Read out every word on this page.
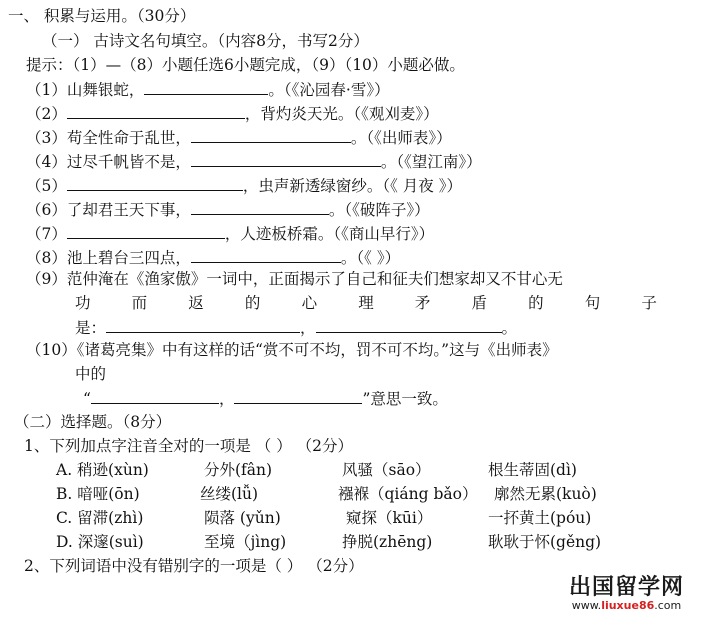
一、 积累与运用。（30分）
（一） 古诗文名句填空。（内容8分，书写2分）
提示：（1）—（8）小题任选6小题完成，（9）（10）小题必做。
（1）山舞银蛇，	。（《沁园春·雪》）
（2）	，背灼炎天光。（《观刈麦》）
（3）苟全性命于乱世，	。（《出师表》）
（4）过尽千帆皆不是，	。（《望江南》）
（5）	，虫声新透绿窗纱。（《 月夜 》）
（6）了却君王天下事，	。（《破阵子》）
（7）	，人迹板桥霜。（《商山早行》）
（8）池上碧台三四点，	。（《 》）
（9）范仲淹在《渔家傲》一词中，正面揭示了自己和征夫们想家却又不甘心无
功	而	返	的	心	理	矛	盾	的	句	子
是：	，	。
（10）《诸葛亮集》中有这样的话“赏不可不均，罚不可不均。”这与《出师表》
中的
“	，	”意思一致。
（二）选择题。（8分）
1、下列加点字注音全对的一项是 （ ） （2分）
A. 稍逊(xùn)	分外(fân)	风骚（sāo）	根生蒂固(dì)
B. 喑哑(ōn)	丝缕(lǚ)	襁褓（qiáng bǎo） 廓然无累(kuò)
C. 留滞(zhì)	陨落 (yǔn)	窥探（kūi）	一抔黄土(póu)
D. 深邃(suì)	至境（jìng)	挣脱(zhēng)	耿耿于怀(gěng)
2、下列词语中没有错别字的一项是（ ） （2分）
出国留学网
www.liuxue86.com
